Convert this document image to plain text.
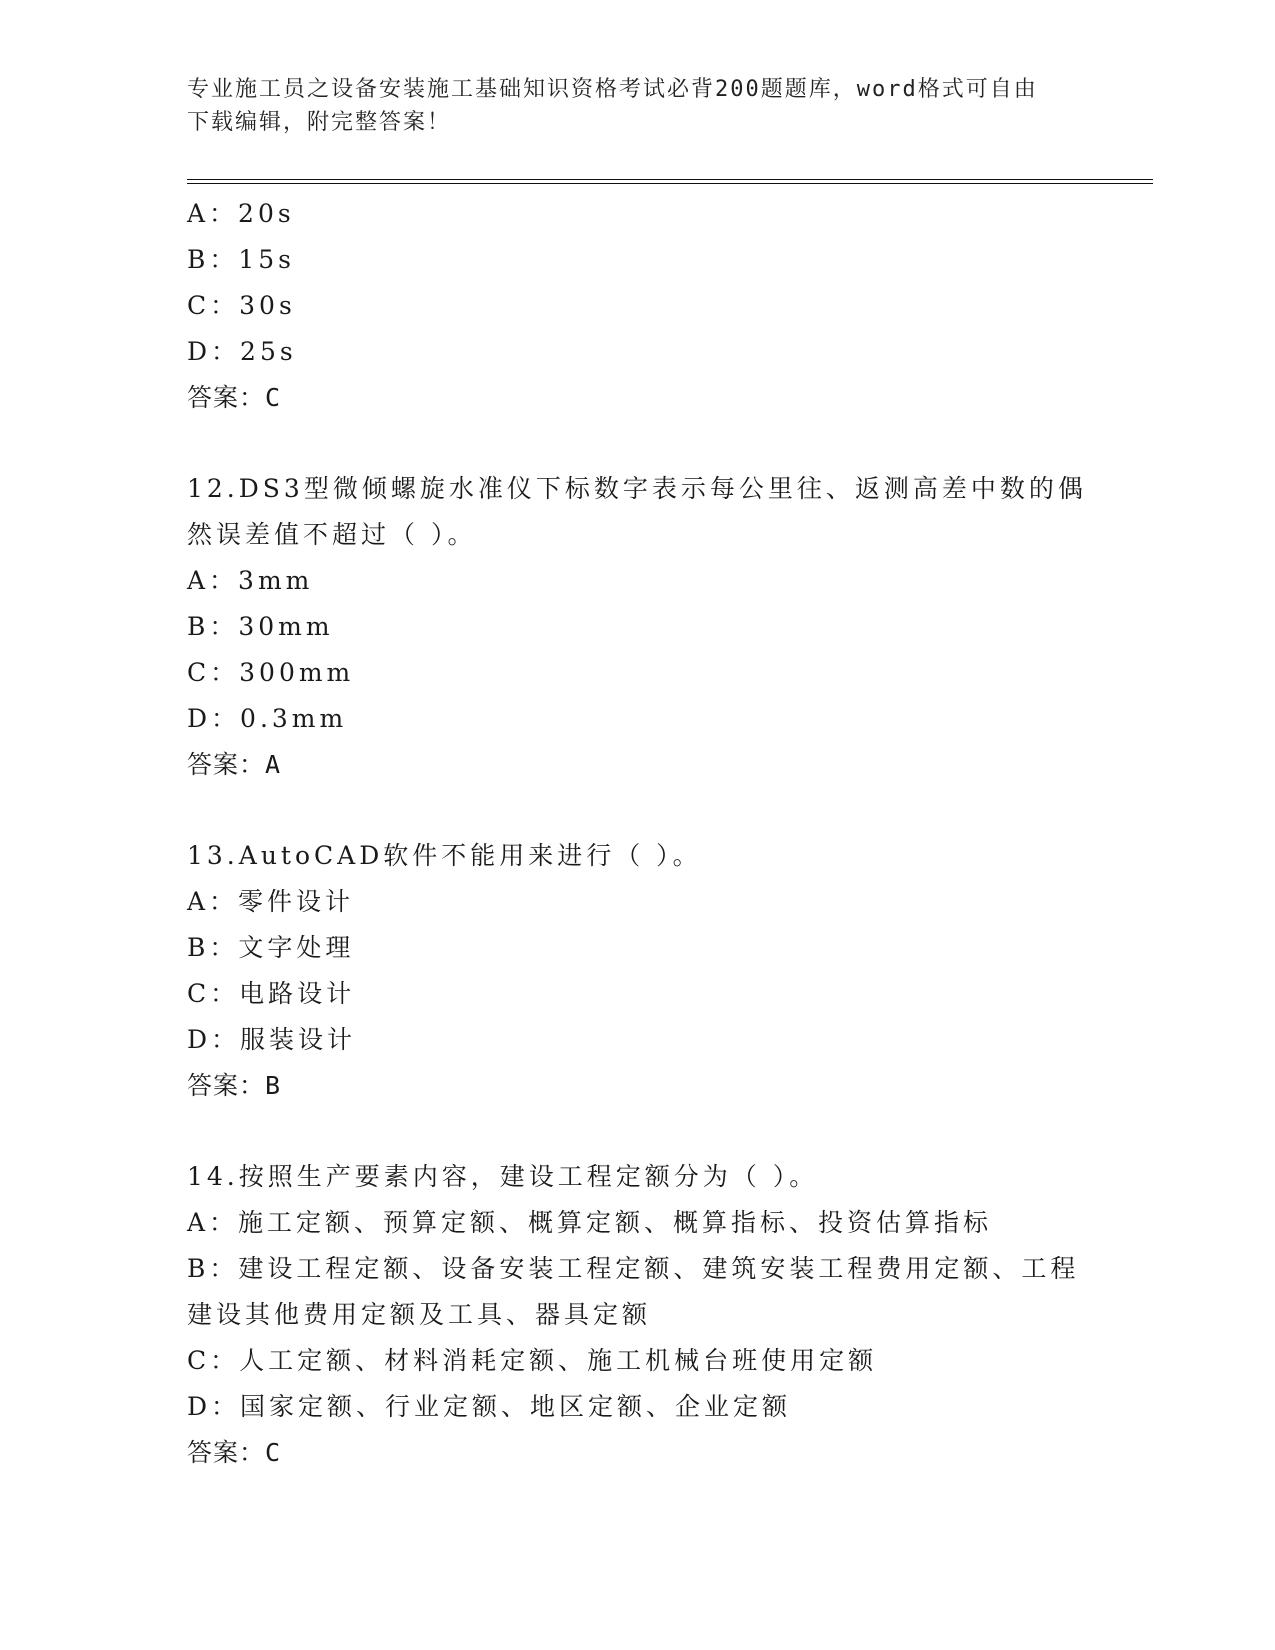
专业施工员之设备安装施工基础知识资格考试必背200题题库，word格式可自由
下载编辑，附完整答案！
A：20s
B：15s
C：30s
D：25s
答案：C
12.DS3型微倾螺旋水准仪下标数字表示每公里往、返测高差中数的偶
然误差值不超过（ ）。
A：3mm
B：30mm
C：300mm
D：0.3mm
答案：A
13.AutoCAD软件不能用来进行（ ）。
A：零件设计
B：文字处理
C：电路设计
D：服装设计
答案：B
14.按照生产要素内容，建设工程定额分为（ ）。
A：施工定额、预算定额、概算定额、概算指标、投资估算指标
B：建设工程定额、设备安装工程定额、建筑安装工程费用定额、工程
建设其他费用定额及工具、器具定额
C：人工定额、材料消耗定额、施工机械台班使用定额
D：国家定额、行业定额、地区定额、企业定额
答案：C
